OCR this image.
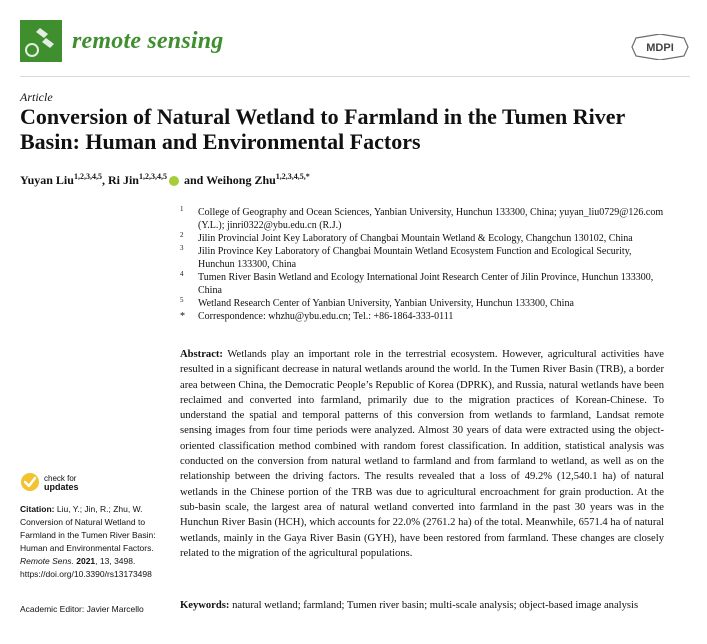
remote sensing	MDPI
Article
Conversion of Natural Wetland to Farmland in the Tumen River Basin: Human and Environmental Factors
Yuyan Liu$^{1,2,3,4,5}$, Ri Jin$^{1,2,3,4,5}$ and Weihong Zhu$^{1,2,3,4,5,*}$
1 College of Geography and Ocean Sciences, Yanbian University, Hunchun 133300, China; yuyan_liu0729@126.com (Y.L.); jinri0322@ybu.edu.cn (R.J.)
2 Jilin Provincial Joint Key Laboratory of Changbai Mountain Wetland & Ecology, Changchun 130102, China
3 Jilin Province Key Laboratory of Changbai Mountain Wetland Ecosystem Function and Ecological Security, Hunchun 133300, China
4 Tumen River Basin Wetland and Ecology International Joint Research Center of Jilin Province, Hunchun 133300, China
5 Wetland Research Center of Yanbian University, Yanbian University, Hunchun 133300, China
* Correspondence: whzhu@ybu.edu.cn; Tel.: +86-1864-333-0111
Abstract: Wetlands play an important role in the terrestrial ecosystem. However, agricultural activities have resulted in a significant decrease in natural wetlands around the world. In the Tumen River Basin (TRB), a border area between China, the Democratic People’s Republic of Korea (DPRK), and Russia, natural wetlands have been reclaimed and converted into farmland, primarily due to the migration practices of Korean-Chinese. To understand the spatial and temporal patterns of this conversion from wetlands to farmland, Landsat remote sensing images from four time periods were analyzed. Almost 30 years of data were extracted using the object-oriented classification method combined with random forest classification. In addition, statistical analysis was conducted on the conversion from natural wetland to farmland and from farmland to wetland, as well as on the relationship between the driving factors. The results revealed that a loss of 49.2% (12,540.1 ha) of natural wetlands in the Chinese portion of the TRB was due to agricultural encroachment for grain production. At the sub-basin scale, the largest area of natural wetland converted into farmland in the past 30 years was in the Hunchun River Basin (HCH), which accounts for 22.0% (2761.2 ha) of the total. Meanwhile, 6571.4 ha of natural wetlands, mainly in the Gaya River Basin (GYH), have been restored from farmland. These changes are closely related to the migration of the agricultural populations.
Keywords: natural wetland; farmland; Tumen river basin; multi-scale analysis; object-based image analysis
check for
updates
Citation: Liu, Y.; Jin, R.; Zhu, W. Conversion of Natural Wetland to Farmland in the Tumen River Basin: Human and Environmental Factors. Remote Sens. 2021, 13, 3498. https://doi.org/10.3390/rs13173498
Academic Editor: Javier Marcello
